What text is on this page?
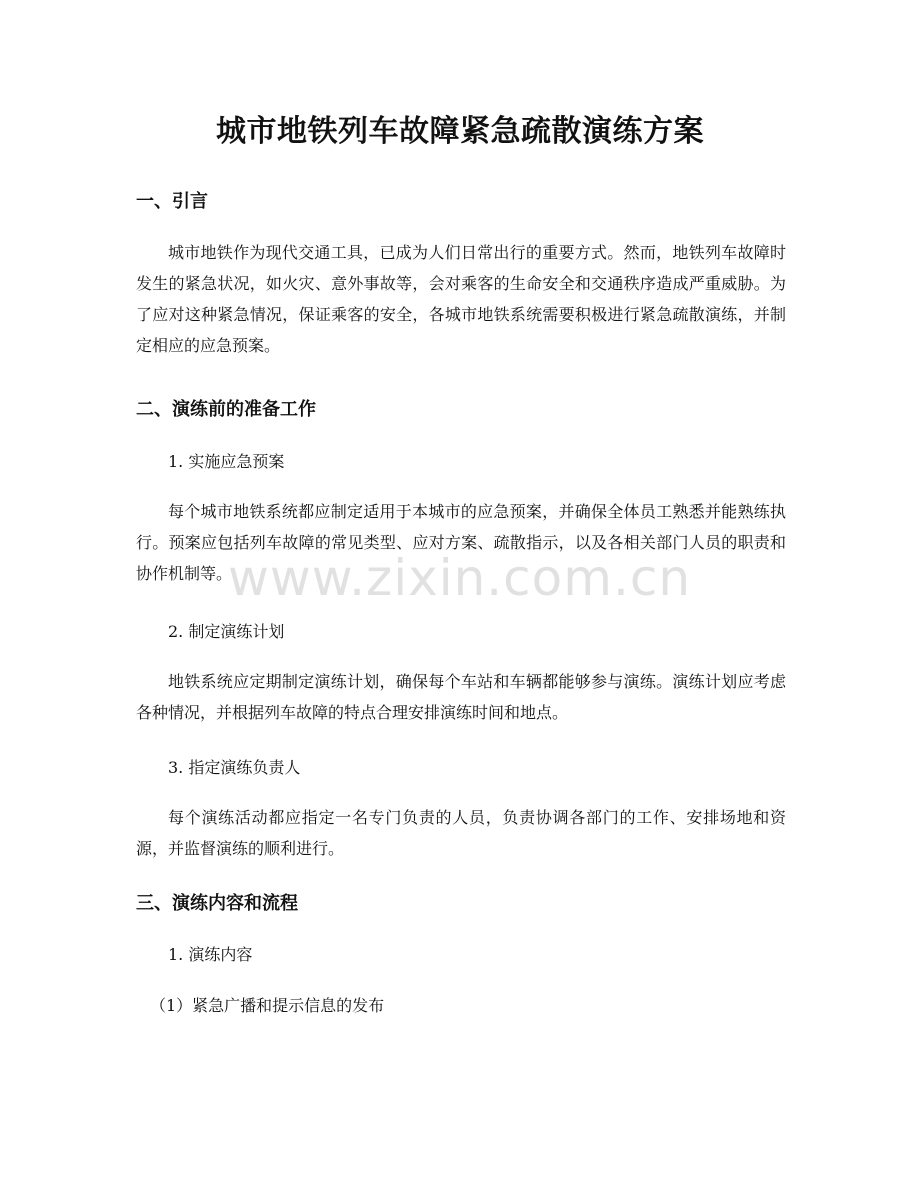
城市地铁列车故障紧急疏散演练方案
一、引言

城市地铁作为现代交通工具，已成为人们日常出行的重要方式。然而，地铁列车故障时发生的紧急状况，如火灾、意外事故等，会对乘客的生命安全和交通秩序造成严重威胁。为了应对这种紧急情况，保证乘客的安全，各城市地铁系统需要积极进行紧急疏散演练，并制定相应的应急预案。

二、演练前的准备工作

1. 实施应急预案

每个城市地铁系统都应制定适用于本城市的应急预案，并确保全体员工熟悉并能熟练执行。预案应包括列车故障的常见类型、应对方案、疏散指示，以及各相关部门人员的职责和协作机制等。

www.zixin.com.cn

2. 制定演练计划

地铁系统应定期制定演练计划，确保每个车站和车辆都能够参与演练。演练计划应考虑各种情况，并根据列车故障的特点合理安排演练时间和地点。

3. 指定演练负责人

每个演练活动都应指定一名专门负责的人员，负责协调各部门的工作、安排场地和资源，并监督演练的顺利进行。

三、演练内容和流程

1. 演练内容

（1）紧急广播和提示信息的发布
